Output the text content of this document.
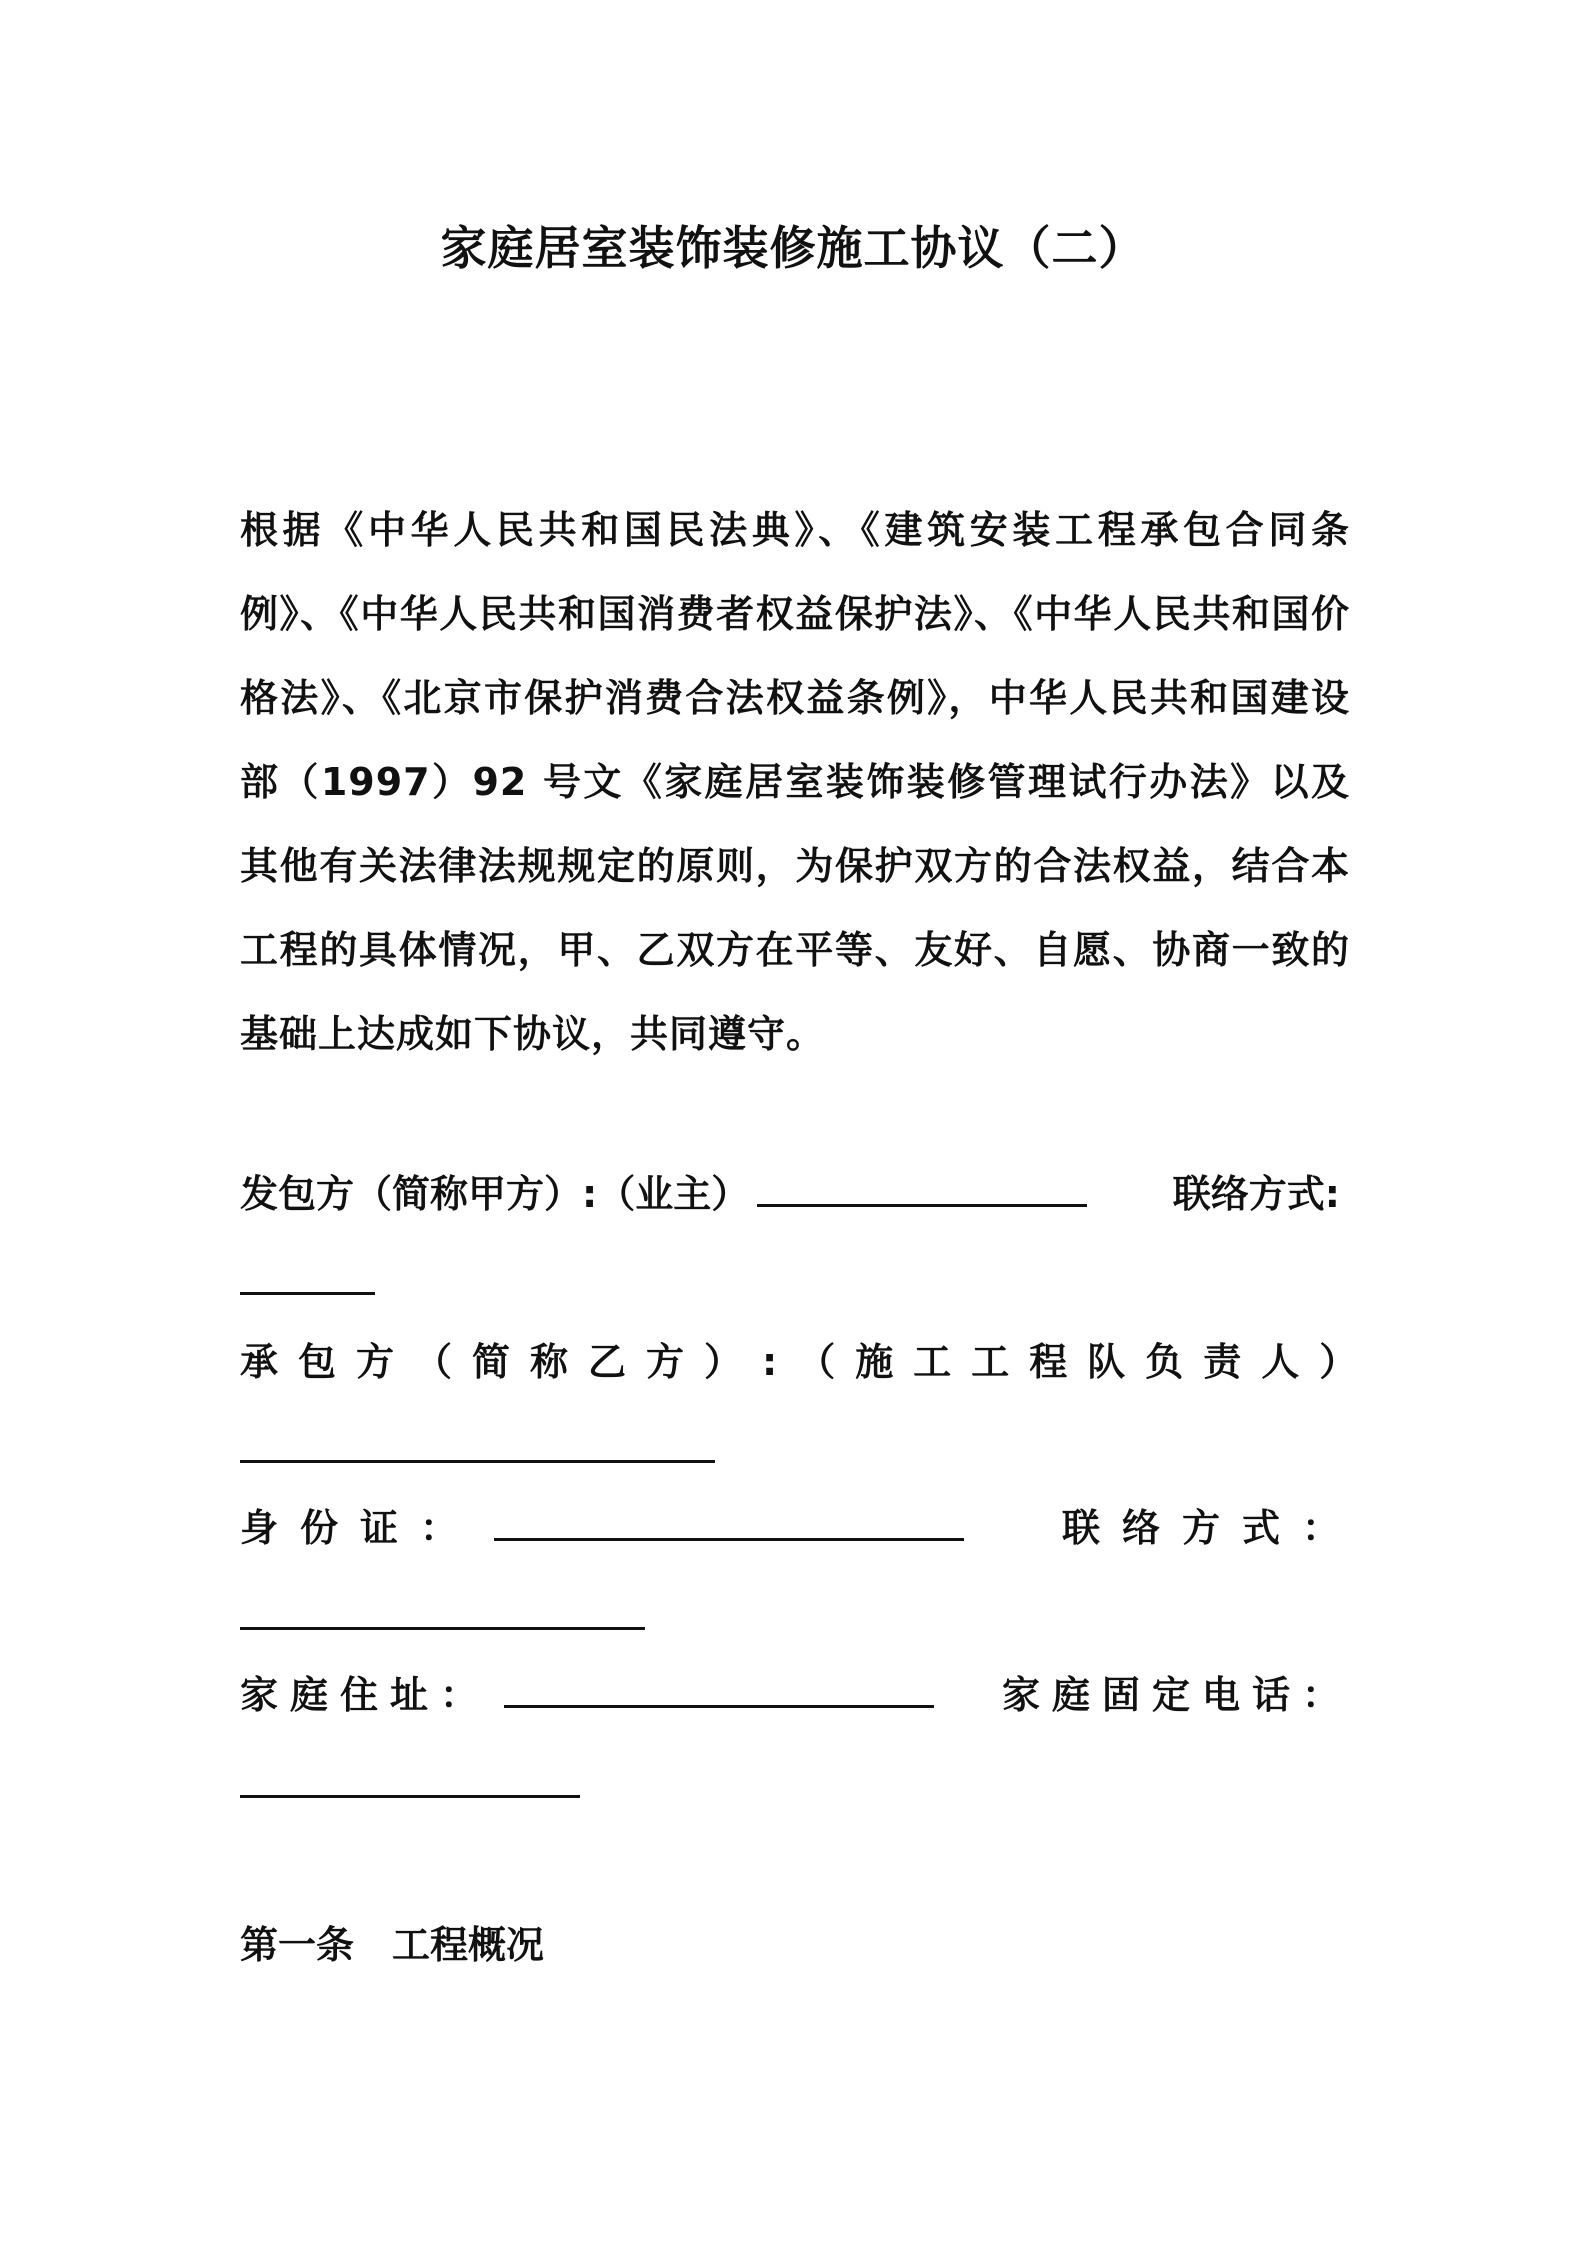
家庭居室装饰装修施工协议（二）
根据《中华人民共和国民法典》、《建筑安装工程承包合同条例》、《中华人民共和国消费者权益保护法》、《中华人民共和国价格法》、《北京市保护消费合法权益条例》，中华人民共和国建设部（1997）92 号文《家庭居室装饰装修管理试行办法》以及其他有关法律法规规定的原则，为保护双方的合法权益，结合本工程的具体情况，甲、乙双方在平等、友好、自愿、协商一致的基础上达成如下协议，共同遵守。
发包方（简称甲方）:（业主）	联络方式:
承包方（简称乙方）:（施工工程队负责人）
身份证：	联络方式：
家庭住址：	家庭固定电话：
第一条　工程概况
